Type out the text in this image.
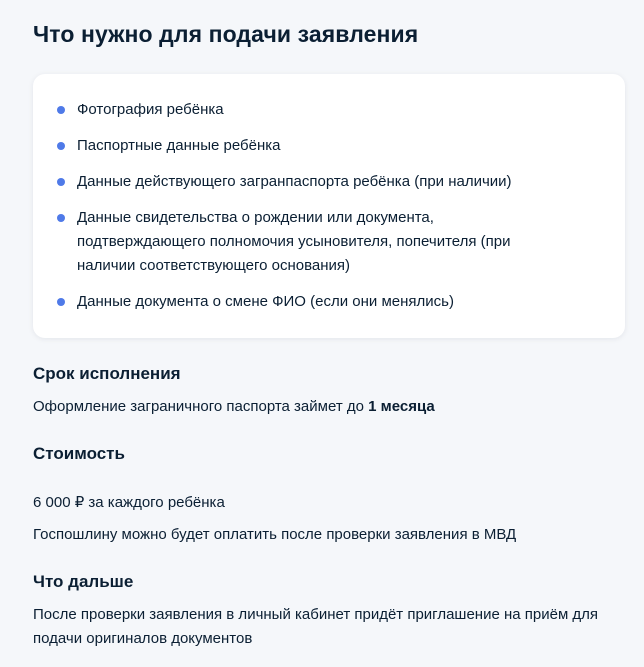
Что нужно для подачи заявления
Фотография ребёнка
Паспортные данные ребёнка
Данные действующего загранпаспорта ребёнка (при наличии)
Данные свидетельства о рождении или документа, подтверждающего полномочия усыновителя, попечителя (при наличии соответствующего основания)
Данные документа о смене ФИО (если они менялись)
Срок исполнения

Оформление заграничного паспорта займет до 1 месяца

Стоимость

6 000 ₽ за каждого ребёнка

Госпошлину можно будет оплатить после проверки заявления в МВД

Что дальше

После проверки заявления в личный кабинет придёт приглашение на приём для подачи оригиналов документов
